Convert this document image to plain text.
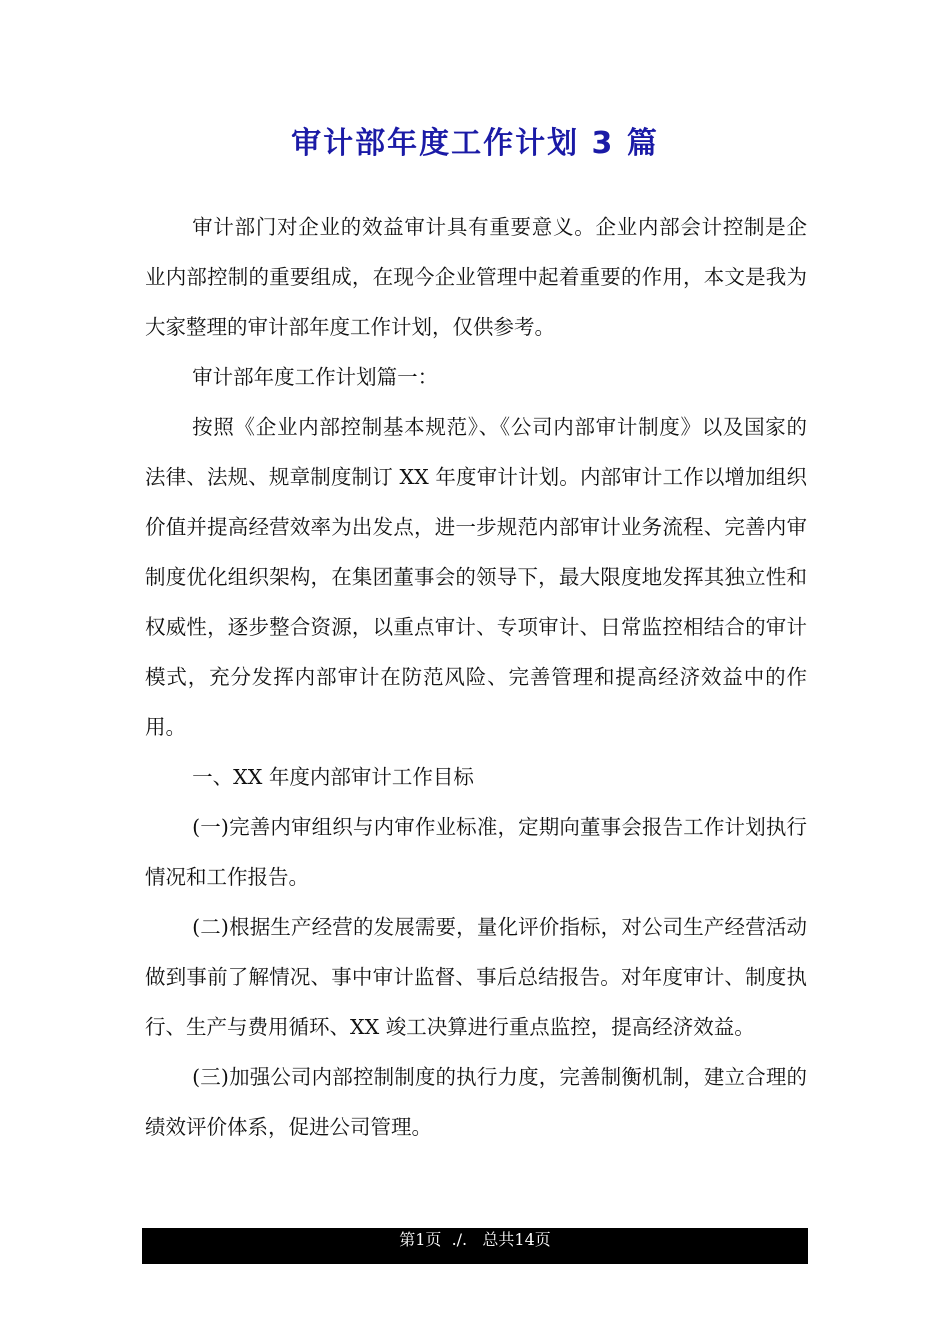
审计部年度工作计划 3 篇

审计部门对企业的效益审计具有重要意义。企业内部会计控制是企业内部控制的重要组成，在现今企业管理中起着重要的作用，本文是我为大家整理的审计部年度工作计划，仅供参考。

审计部年度工作计划篇一：

按照《企业内部控制基本规范》、《公司内部审计制度》以及国家的法律、法规、规章制度制订 XX 年度审计计划。内部审计工作以增加组织价值并提高经营效率为出发点，进一步规范内部审计业务流程、完善内审制度优化组织架构，在集团董事会的领导下，最大限度地发挥其独立性和权威性，逐步整合资源，以重点审计、专项审计、日常监控相结合的审计模式，充分发挥内部审计在防范风险、完善管理和提高经济效益中的作用。

一、XX 年度内部审计工作目标

(一)完善内审组织与内审作业标准，定期向董事会报告工作计划执行情况和工作报告。

(二)根据生产经营的发展需要，量化评价指标，对公司生产经营活动做到事前了解情况、事中审计监督、事后总结报告。对年度审计、制度执行、生产与费用循环、XX 竣工决算进行重点监控，提高经济效益。

(三)加强公司内部控制制度的执行力度，完善制衡机制，建立合理的绩效评价体系，促进公司管理。

第1页  ./.   总共14页
